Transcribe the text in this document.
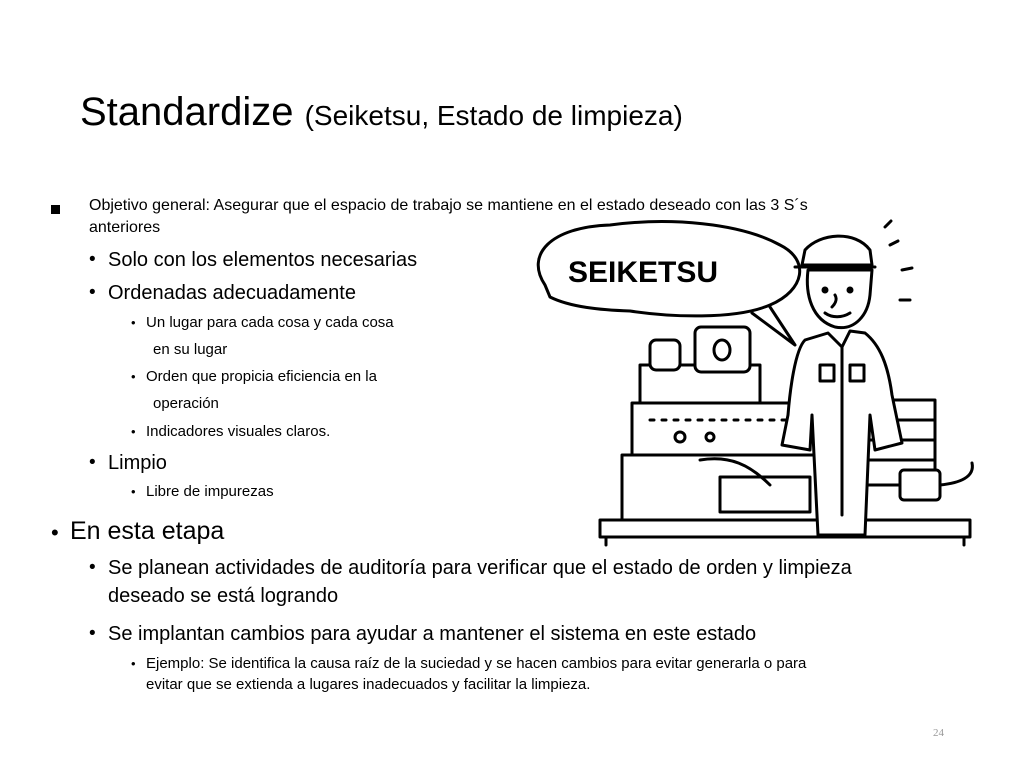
Standardize (Seiketsu, Estado de limpieza)
Objetivo general: Asegurar que el espacio de trabajo se mantiene en el estado deseado con las 3 S´s
anteriores
• Solo con los elementos necesarias
• Ordenadas adecuadamente
• Un lugar para cada cosa y cada cosa
en su lugar
• Orden que propicia eficiencia en la
operación
• Indicadores visuales claros.
• Limpio
• Libre de impurezas
SEIKETSU
• En esta etapa
• Se planean actividades de auditoría para verificar que el estado de orden y limpieza
deseado se está logrando
• Se implantan cambios para ayudar a mantener el sistema en este estado
• Ejemplo: Se identifica la causa raíz de la suciedad y se hacen cambios para evitar generarla o para
evitar que se extienda a lugares inadecuados y facilitar la limpieza.
24
